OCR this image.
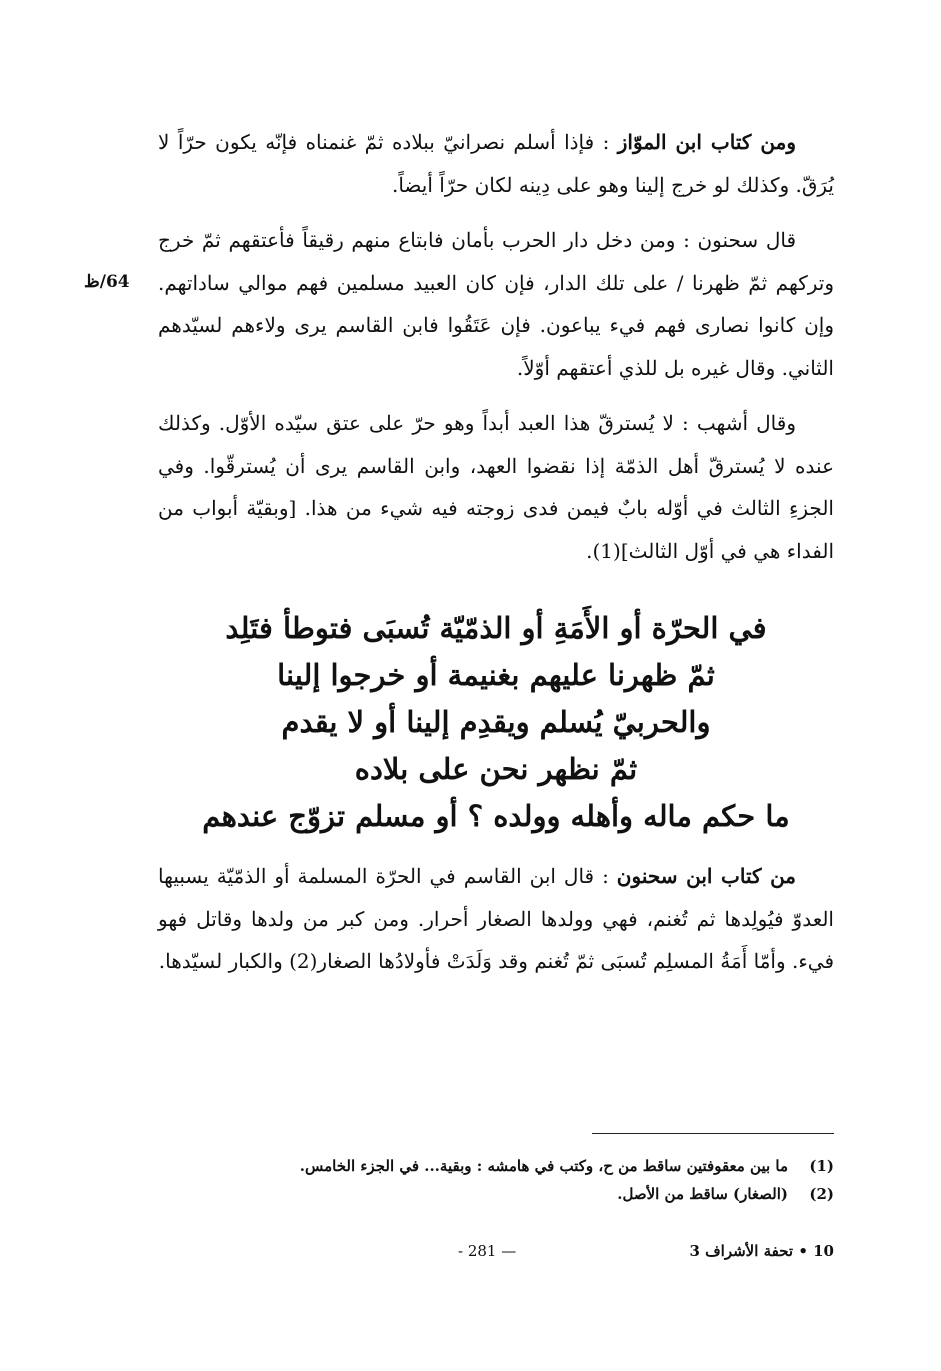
64/ظ

ومن كتاب ابن الموّاز : فإذا أسلم نصرانيّ ببلاده ثمّ غنمناه فإنّه يكون حرّاً لا يُرَقّ. وكذلك لو خرج إلينا وهو على دِينه لكان حرّاً أيضاً.

قال سحنون : ومن دخل دار الحرب بأمان فابتاع منهم رقيقاً فأعتقهم ثمّ خرج وتركهم ثمّ ظهرنا / على تلك الدار، فإن كان العبيد مسلمين فهم موالي ساداتهم. وإن كانوا نصارى فهم فيء يباعون. فإن عَتَقُوا فابن القاسم يرى ولاءهم لسيّدهم الثاني. وقال غيره بل للذي أعتقهم أوّلاً.

وقال أشهب : لا يُسترقّ هذا العبد أبداً وهو حرّ على عتق سيّده الأوّل. وكذلك عنده لا يُسترقّ أهل الذمّة إذا نقضوا العهد، وابن القاسم يرى أن يُسترقّوا. وفي الجزءِ الثالث في أوّله بابٌ فيمن فدى زوجته فيه شيء من هذا. [وبقيّة أبواب من الفداء هي في أوّل الثالث](1).

في الحرّة أو الأَمَةِ أو الذمّيّة تُسبَى فتوطأ فتَلِد
ثمّ ظهرنا عليهم بغنيمة أو خرجوا إلينا
والحربيّ يُسلم ويقدِم إلينا أو لا يقدم
ثمّ نظهر نحن على بلاده
ما حكم ماله وأهله وولده ؟ أو مسلم تزوّج عندهم

من كتاب ابن سحنون : قال ابن القاسم في الحرّة المسلمة أو الذمّيّة يسبيها العدوّ فيُولِدها ثم تُغنم، فهي وولدها الصغار أحرار. ومن كبر من ولدها وقاتل فهو فيء. وأمّا أَمَةُ المسلِم تُسبَى ثمّ تُغنم وقد وَلَدَتْ فأولادُها الصغار(2) والكبار لسيّدها.

(1)
ما بين معقوفتين ساقط من ح، وكتب في هامشه : وبقية... في الجزء الخامس.
(2)
(الصغار) ساقط من الأصل.
10 • تحفة الأشراف 3
- 281 —
